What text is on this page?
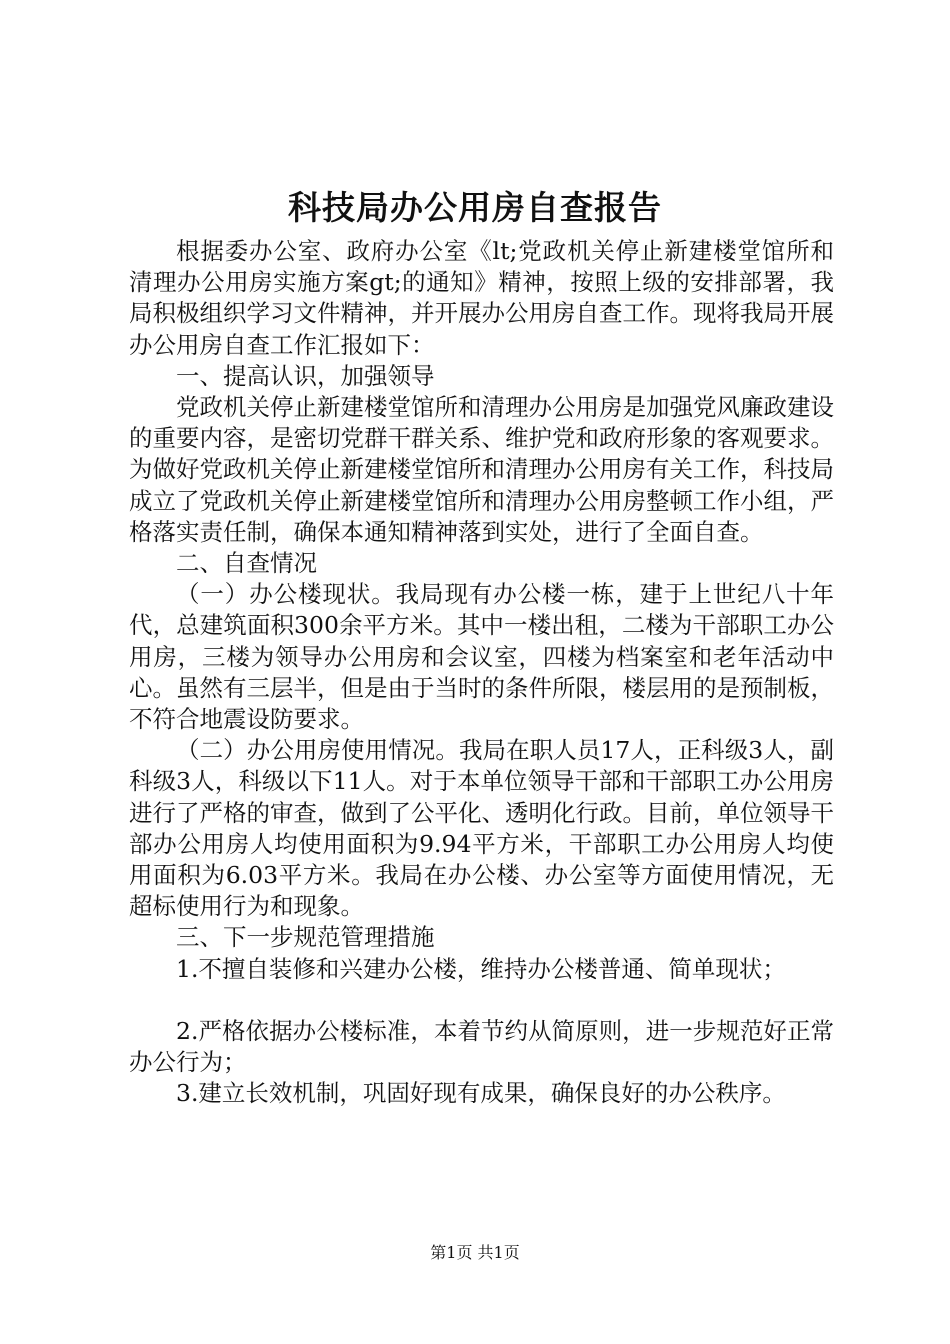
科技局办公用房自查报告

根据委办公室、政府办公室《lt;党政机关停止新建楼堂馆所和清理办公用房实施方案gt;的通知》精神，按照上级的安排部署，我局积极组织学习文件精神，并开展办公用房自查工作。现将我局开展办公用房自查工作汇报如下：

一、提高认识，加强领导

党政机关停止新建楼堂馆所和清理办公用房是加强党风廉政建设的重要内容，是密切党群干群关系、维护党和政府形象的客观要求。为做好党政机关停止新建楼堂馆所和清理办公用房有关工作，科技局成立了党政机关停止新建楼堂馆所和清理办公用房整顿工作小组，严格落实责任制，确保本通知精神落到实处，进行了全面自查。

二、自查情况

（一）办公楼现状。我局现有办公楼一栋，建于上世纪八十年代，总建筑面积300余平方米。其中一楼出租，二楼为干部职工办公用房，三楼为领导办公用房和会议室，四楼为档案室和老年活动中心。虽然有三层半，但是由于当时的条件所限，楼层用的是预制板，不符合地震设防要求。

（二）办公用房使用情况。我局在职人员17人，正科级3人，副科级3人，科级以下11人。对于本单位领导干部和干部职工办公用房进行了严格的审查，做到了公平化、透明化行政。目前，单位领导干部办公用房人均使用面积为9.94平方米，干部职工办公用房人均使用面积为6.03平方米。我局在办公楼、办公室等方面使用情况，无超标使用行为和现象。

三、下一步规范管理措施

1.不擅自装修和兴建办公楼，维持办公楼普通、简单现状；

2.严格依据办公楼标准，本着节约从简原则，进一步规范好正常办公行为；

3.建立长效机制，巩固好现有成果，确保良好的办公秩序。

第1页 共1页
